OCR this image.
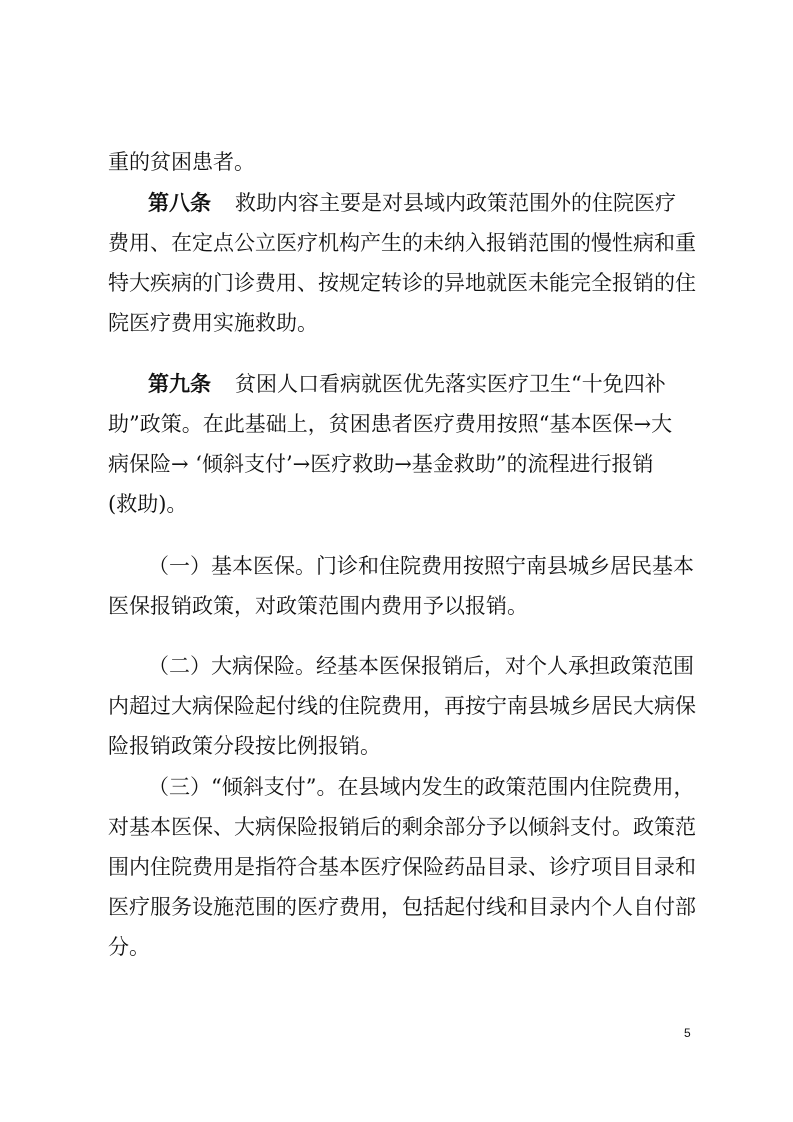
重的贫困患者。
第八条 救助内容主要是对县域内政策范围外的住院医疗
费用、在定点公立医疗机构产生的未纳入报销范围的慢性病和重
特大疾病的门诊费用、按规定转诊的异地就医未能完全报销的住
院医疗费用实施救助。
第九条 贫困人口看病就医优先落实医疗卫生“十免四补
助”政策。在此基础上，贫困患者医疗费用按照“基本医保→大
病保险→ ‘倾斜支付’→医疗救助→基金救助”的流程进行报销
(救助)。
（一）基本医保。门诊和住院费用按照宁南县城乡居民基本
医保报销政策，对政策范围内费用予以报销。
（二）大病保险。经基本医保报销后，对个人承担政策范围
内超过大病保险起付线的住院费用，再按宁南县城乡居民大病保
险报销政策分段按比例报销。
（三）“倾斜支付”。在县域内发生的政策范围内住院费用，
对基本医保、大病保险报销后的剩余部分予以倾斜支付。政策范
围内住院费用是指符合基本医疗保险药品目录、诊疗项目目录和
医疗服务设施范围的医疗费用，包括起付线和目录内个人自付部
分。
5
